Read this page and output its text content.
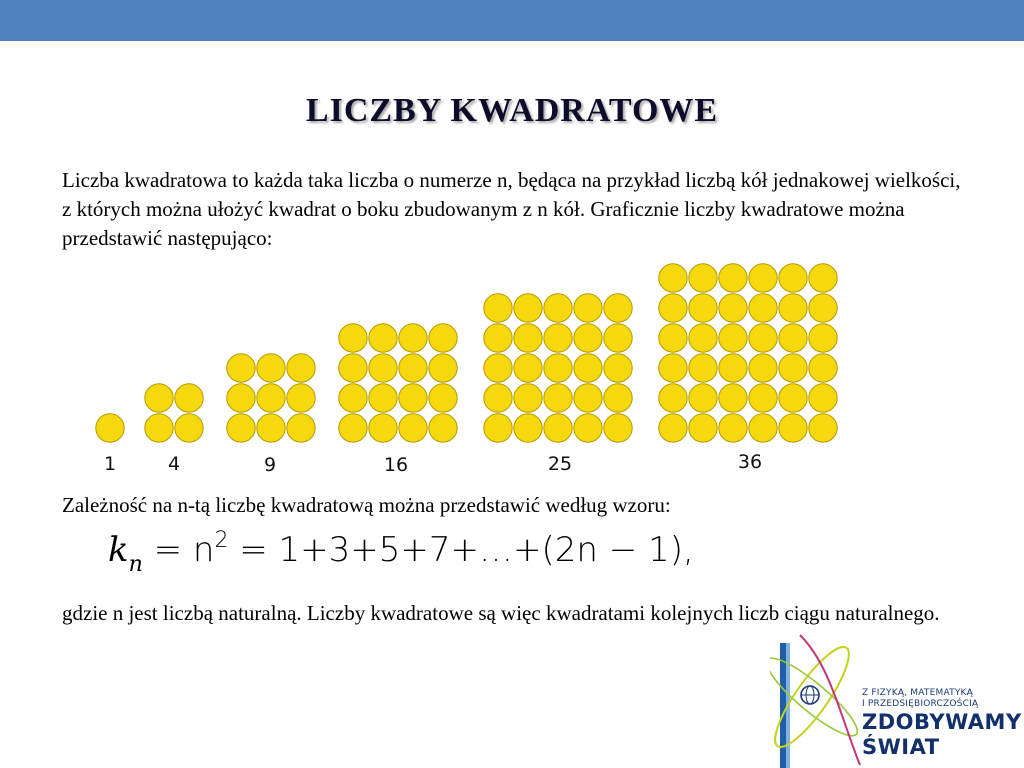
LICZBY KWADRATOWE
Liczba kwadratowa to każda taka liczba o numerze n, będąca na przykład liczbą kół jednakowej wielkości, z których można ułożyć kwadrat o boku zbudowanym z n kół. Graficznie liczby kwadratowe można przedstawić następująco:
1	4	9	16	25	36
Zależność na n-tą liczbę kwadratową można przedstawić według wzoru:
$k_n = n^2$ = 1+3+5+7+…+(2n − 1),
gdzie n jest liczbą naturalną. Liczby kwadratowe są więc kwadratami kolejnych liczb ciągu naturalnego.
Z FIZYKĄ, MATEMATYKĄ
I PRZEDSIĘBIORCZOŚCIĄ
ZDOBYWAMY
ŚWIAT
